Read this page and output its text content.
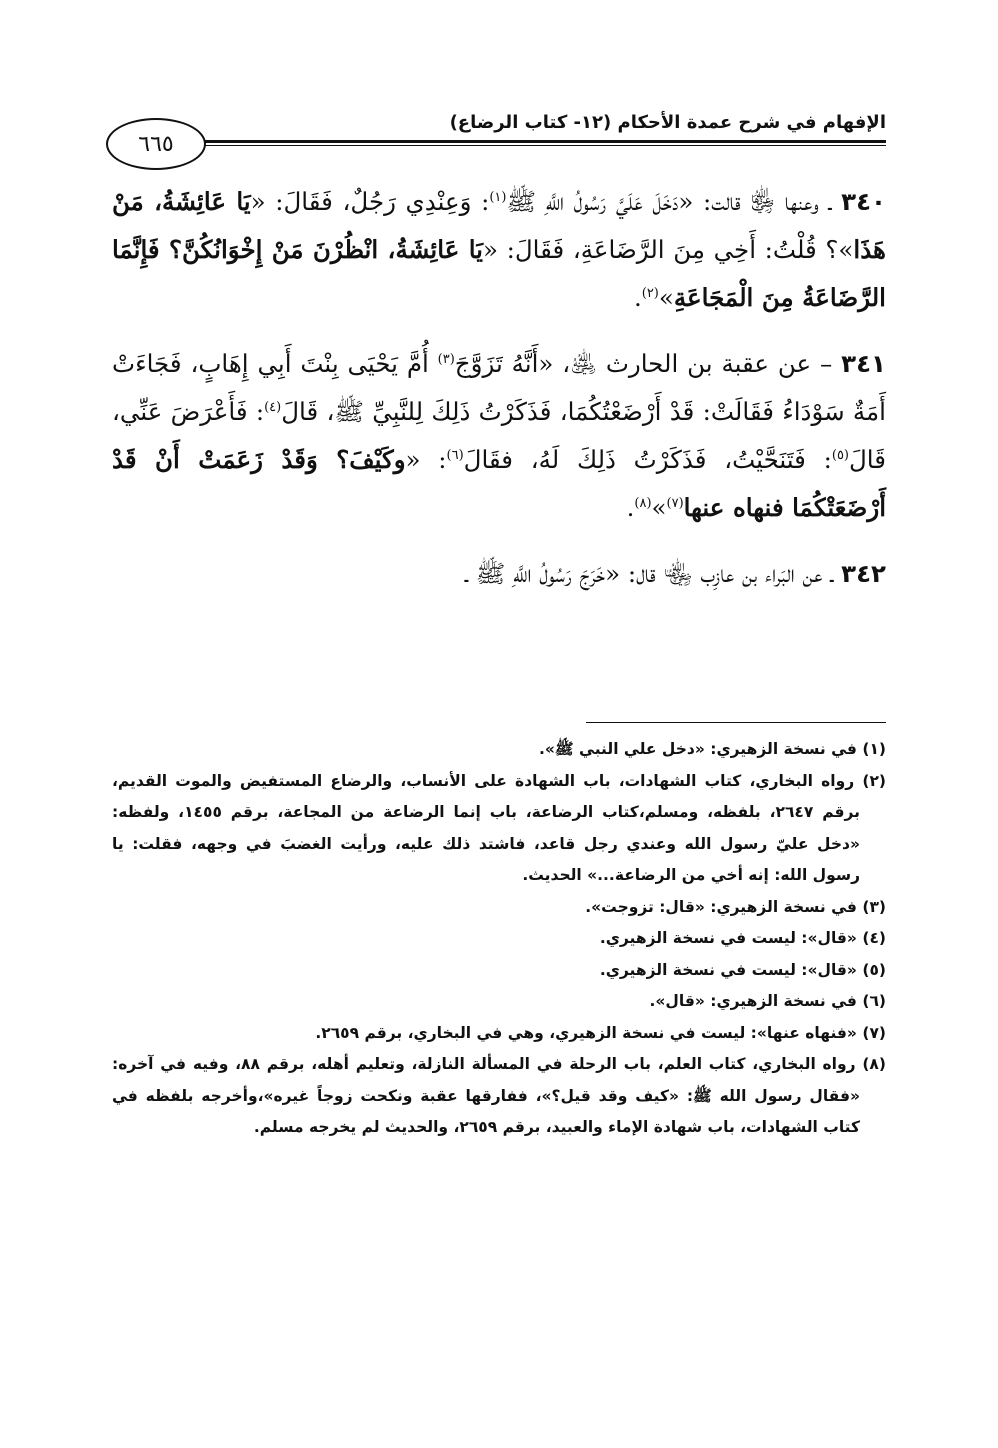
الإفهام في شرح عمدة الأحكام (١٢- كتاب الرضاع)
٦٦٥

٣٤٠ ـ وعنها ﵂ قالت: «دَخَلَ عَلَيَّ رَسُولُ اللَّهِ ﷺ$^{(١)}$: وَعِنْدِي رَجُلٌ، فَقَالَ: «يَا عَائِشَةُ، مَنْ هَذَا»؟ قُلْتُ: أَخِي مِنَ الرَّضَاعَةِ، فَقَالَ: «يَا عَائِشَةُ، انْظُرْنَ مَنْ إِخْوَانُكُنَّ؟ فَإِنَّمَا الرَّضَاعَةُ مِنَ الْمَجَاعَةِ»$^{(٢)}$.

٣٤١ – عن عقبة بن الحارث ﵁، «أَنَّهُ تَزَوَّجَ$^{(٣)}$ أُمَّ يَحْيَى بِنْتَ أَبِي إِهَابٍ، فَجَاءَتْ أَمَةٌ سَوْدَاءُ فَقَالَتْ: قَدْ أَرْضَعْتُكُمَا، فَذَكَرْتُ ذَلِكَ لِلنَّبِيِّ ﷺ، قَالَ$^{(٤)}$: فَأَعْرَضَ عَنِّي، قَالَ$^{(٥)}$: فَتَنَحَّيْتُ، فَذَكَرْتُ ذَلِكَ لَهُ، فقَالَ$^{(٦)}$: «وكَيْفَ؟ وَقَدْ زَعَمَتْ أَنْ قَدْ أَرْضَعَتْكُمَا فنهاه عنها$^{(٧)}$»$^{(٨)}$.

٣٤٢ ـ عن البَراء بن عازِب ﵄ قال: «خَرَجَ رَسُولُ اللَّهِ ﷺ ـ

(١) في نسخة الزهيري: «دخل علي النبي ﷺ».

(٢) رواه البخاري، كتاب الشهادات، باب الشهادة على الأنساب، والرضاع المستفيض والموت القديم، برقم ٢٦٤٧، بلفظه، ومسلم،كتاب الرضاعة، باب إنما الرضاعة من المجاعة، برقم ١٤٥٥، ولفظه: «دخل عليّ رسول الله وعندي رجل قاعد، فاشتد ذلك عليه، ورأيت الغضبَ في وجهه، فقلت: يا رسول الله: إنه أخي من الرضاعة...» الحديث.

(٣) في نسخة الزهيري: «قال: تزوجت».

(٤) «قال»: ليست في نسخة الزهيري.

(٥) «قال»: ليست في نسخة الزهيري.

(٦) في نسخة الزهيري: «قال».

(٧) «فنهاه عنها»: ليست في نسخة الزهيري، وهي في البخاري، برقم ٢٦٥٩.

(٨) رواه البخاري، كتاب العلم، باب الرحلة في المسألة النازلة، وتعليم أهله، برقم ٨٨، وفيه في آخره: «فقال رسول الله ﷺ: «كيف وقد قيل؟»، ففارقها عقبة ونكحت زوجاً غيره»،وأخرجه بلفظه في كتاب الشهادات، باب شهادة الإماء والعبيد، برقم ٢٦٥٩، والحديث لم يخرجه مسلم.
